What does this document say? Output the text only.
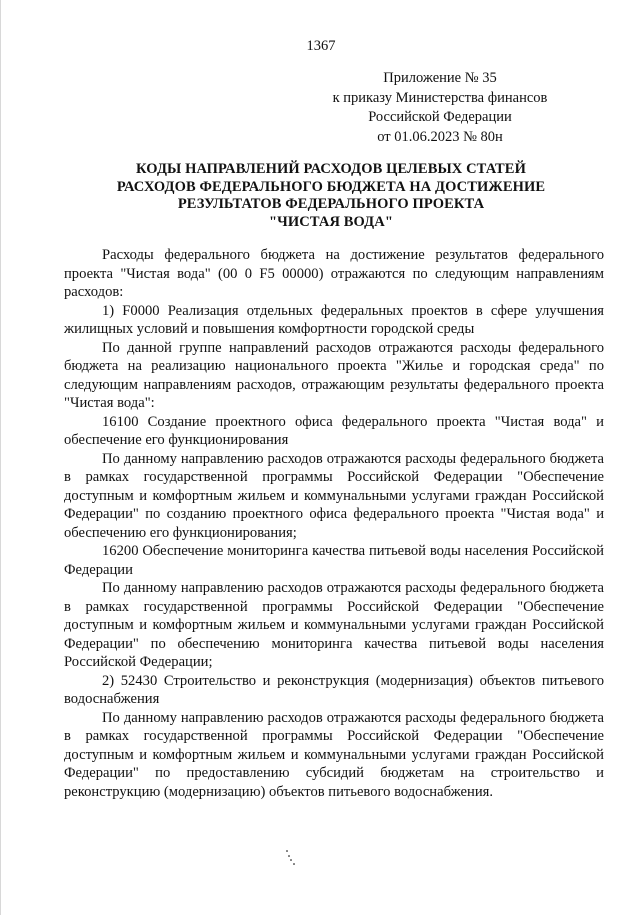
1367
Приложение № 35
к приказу Министерства финансов
Российской Федерации
от 01.06.2023 № 80н
КОДЫ НАПРАВЛЕНИЙ РАСХОДОВ ЦЕЛЕВЫХ СТАТЕЙ
РАСХОДОВ ФЕДЕРАЛЬНОГО БЮДЖЕТА НА ДОСТИЖЕНИЕ
РЕЗУЛЬТАТОВ ФЕДЕРАЛЬНОГО ПРОЕКТА
"ЧИСТАЯ ВОДА"

Расходы федерального бюджета на достижение результатов федерального проекта "Чистая вода" (00 0 F5 00000) отражаются по следующим направлениям расходов:

1) F0000 Реализация отдельных федеральных проектов в сфере улучшения жилищных условий и повышения комфортности городской среды

По данной группе направлений расходов отражаются расходы федерального бюджета на реализацию национального проекта "Жилье и городская среда" по следующим направлениям расходов, отражающим результаты федерального проекта "Чистая вода":

16100 Создание проектного офиса федерального проекта "Чистая вода" и обеспечение его функционирования

По данному направлению расходов отражаются расходы федерального бюджета в рамках государственной программы Российской Федерации "Обеспечение доступным и комфортным жильем и коммунальными услугами граждан Российской Федерации" по созданию проектного офиса федерального проекта "Чистая вода" и обеспечению его функционирования;

16200 Обеспечение мониторинга качества питьевой воды населения Российской Федерации

По данному направлению расходов отражаются расходы федерального бюджета в рамках государственной программы Российской Федерации "Обеспечение доступным и комфортным жильем и коммунальными услугами граждан Российской Федерации" по обеспечению мониторинга качества питьевой воды населения Российской Федерации;

2) 52430 Строительство и реконструкция (модернизация) объектов питьевого водоснабжения

По данному направлению расходов отражаются расходы федерального бюджета в рамках государственной программы Российской Федерации "Обеспечение доступным и комфортным жильем и коммунальными услугами граждан Российской Федерации" по предоставлению субсидий бюджетам на строительство и реконструкцию (модернизацию) объектов питьевого водоснабжения.
